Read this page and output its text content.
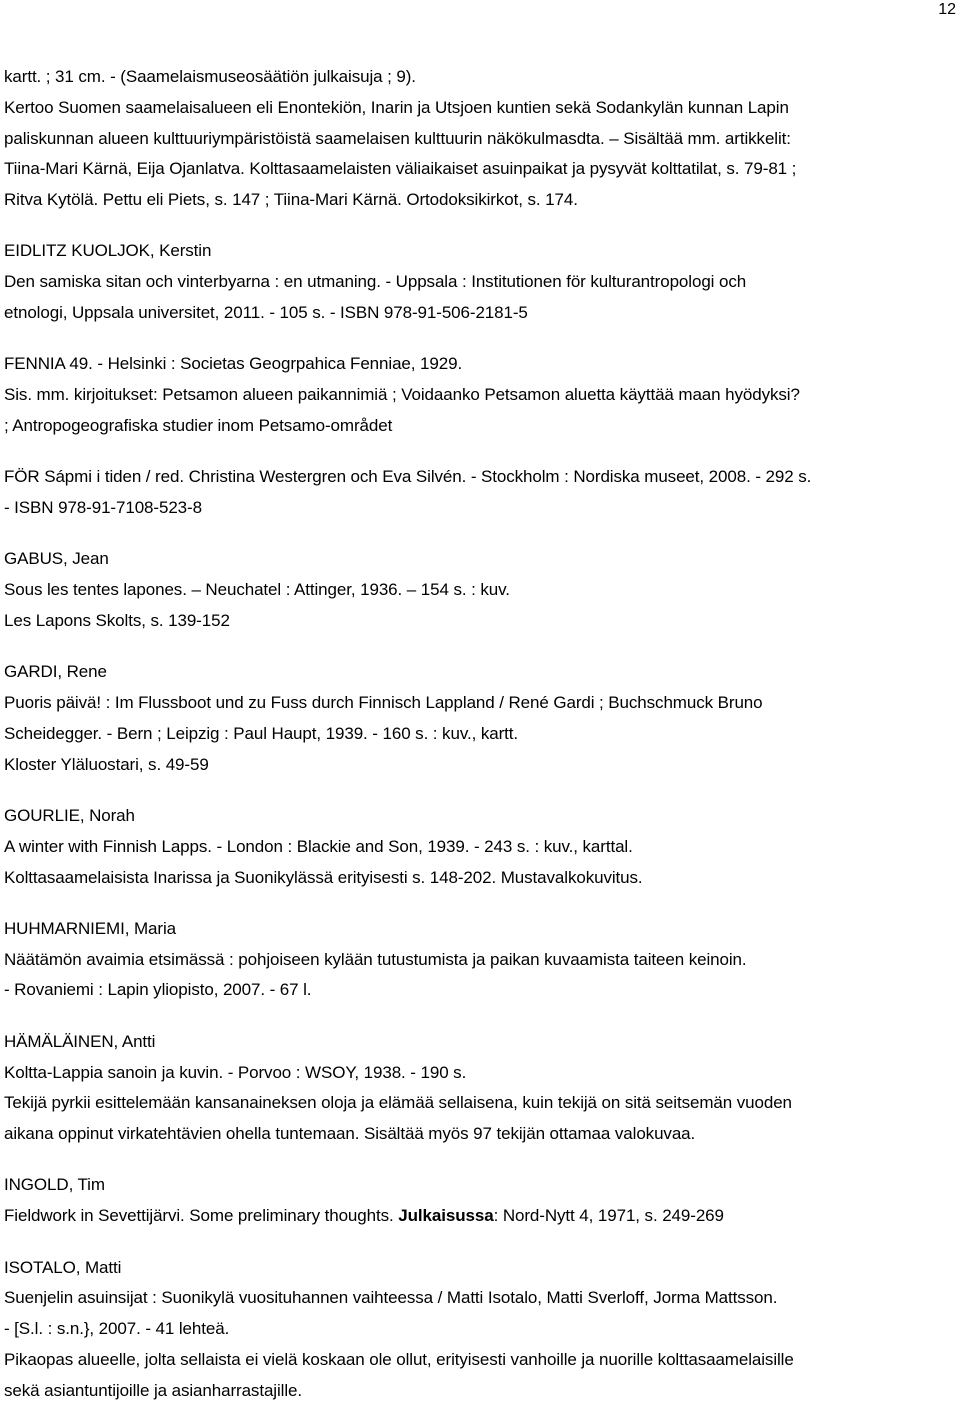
12
kartt. ; 31 cm. - (Saamelaismuseosäätiön julkaisuja ; 9).
Kertoo Suomen saamelaisalueen eli Enontekiön, Inarin ja Utsjoen kuntien sekä Sodankylän kunnan Lapin
paliskunnan alueen kulttuuriympäristöistä saamelaisen kulttuurin näkökulmasdta. – Sisältää mm. artikkelit:
Tiina-Mari Kärnä, Eija Ojanlatva. Kolttasaamelaisten väliaikaiset asuinpaikat ja pysyvät kolttatilat, s. 79-81 ;
Ritva Kytölä. Pettu eli Piets, s. 147 ; Tiina-Mari Kärnä. Ortodoksikirkot, s. 174.
EIDLITZ KUOLJOK, Kerstin
Den samiska sitan och vinterbyarna : en utmaning. - Uppsala : Institutionen för kulturantropologi och
etnologi, Uppsala universitet, 2011. - 105 s. - ISBN 978-91-506-2181-5
FENNIA 49. - Helsinki : Societas Geogrpahica Fenniae, 1929.
Sis. mm. kirjoitukset: Petsamon alueen paikannimiä ; Voidaanko Petsamon aluetta käyttää maan hyödyksi?
; Antropogeografiska studier inom Petsamo-området
FÖR Sápmi i tiden / red. Christina Westergren och Eva Silvén. - Stockholm : Nordiska museet, 2008. - 292 s.
- ISBN 978-91-7108-523-8
GABUS, Jean
Sous les tentes lapones. – Neuchatel : Attinger, 1936. – 154 s. : kuv.
Les Lapons Skolts, s. 139-152
GARDI, Rene
Puoris päivä! : Im Flussboot und zu Fuss durch Finnisch Lappland / René Gardi ; Buchschmuck Bruno
Scheidegger. - Bern ; Leipzig : Paul Haupt, 1939. - 160 s. : kuv., kartt.
Kloster Yläluostari, s. 49-59
GOURLIE, Norah
A winter with Finnish Lapps. - London : Blackie and Son, 1939. - 243 s. : kuv., karttal.
Kolttasaamelaisista Inarissa ja Suonikylässä erityisesti s. 148-202. Mustavalkokuvitus.
HUHMARNIEMI, Maria
Näätämön avaimia etsimässä : pohjoiseen kylään tutustumista ja paikan kuvaamista taiteen keinoin.
- Rovaniemi : Lapin yliopisto, 2007. - 67 l.
HÄMÄLÄINEN, Antti
Koltta-Lappia sanoin ja kuvin. - Porvoo : WSOY, 1938. - 190 s.
Tekijä pyrkii esittelemään kansanaineksen oloja ja elämää sellaisena, kuin tekijä on sitä seitsemän vuoden
aikana oppinut virkatehtävien ohella tuntemaan. Sisältää myös 97 tekijän ottamaa valokuvaa.
INGOLD, Tim
Fieldwork in Sevettijärvi. Some preliminary thoughts. Julkaisussa: Nord-Nytt 4, 1971, s. 249-269
ISOTALO, Matti
Suenjelin asuinsijat : Suonikylä vuosituhannen vaihteessa / Matti Isotalo, Matti Sverloff, Jorma Mattsson.
- [S.l. : s.n.}, 2007. - 41 lehteä.
Pikaopas alueelle, jolta sellaista ei vielä koskaan ole ollut, erityisesti vanhoille ja nuorille kolttasaamelaisille
sekä asiantuntijoille ja asianharrastajille.
